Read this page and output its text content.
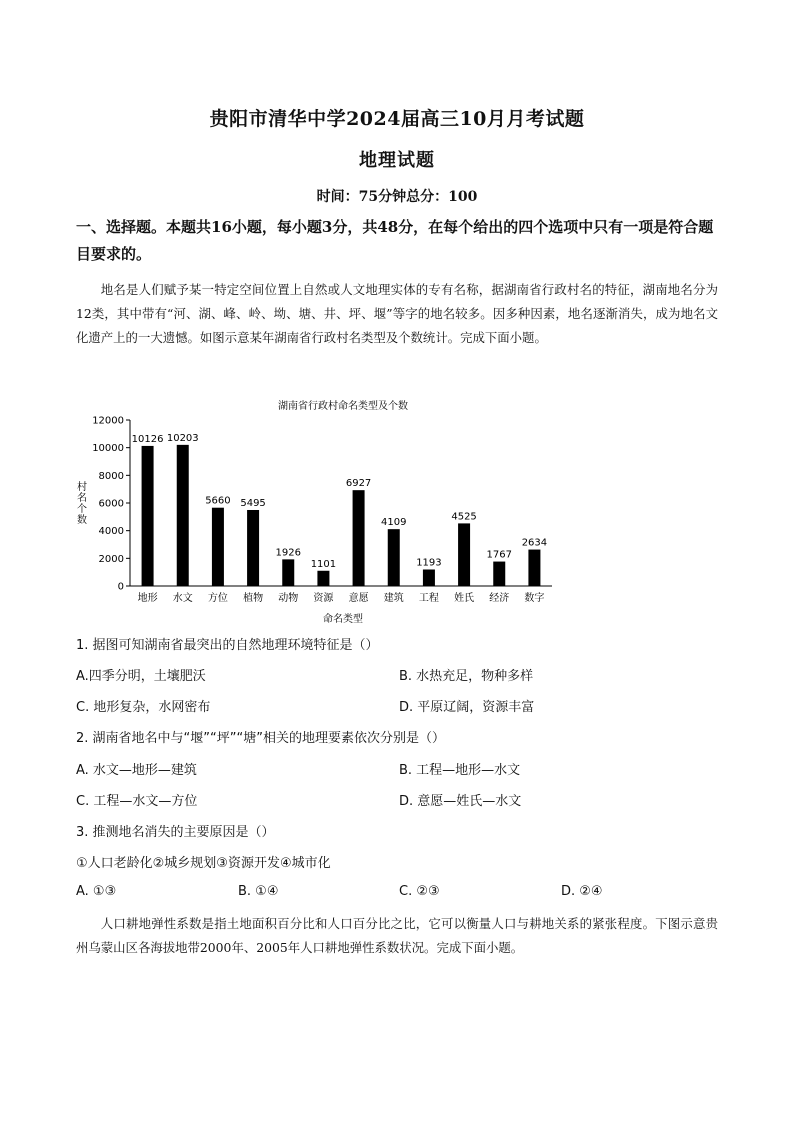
贵阳市清华中学2024届高三10月月考试题
地理试题
时间：75分钟总分：100
一、选择题。本题共16小题，每小题3分，共48分，在每个给出的四个选项中只有一项是符合题目要求的。
地名是人们赋予某一特定空间位置上自然或人文地理实体的专有名称，据湖南省行政村名的特征，湖南地名分为12类，其中带有“河、湖、峰、岭、坳、塘、井、坪、堰”等字的地名较多。因多种因素，地名逐渐消失，成为地名文化遗产上的一大遗憾。如图示意某年湖南省行政村名类型及个数统计。完成下面小题。
湖南省行政村命名类型及个数
村
名
个
数
命名类型
0
2000
4000
6000
8000
10000
12000
10126 10203
5660 5495
1926
1101
6927
4109
1193
4525
1767
2634
地形 水文 方位 植物 动物 资源 意愿 建筑 工程 姓氏 经济 数字
1. 据图可知湖南省最突出的自然地理环境特征是（）
A.四季分明，土壤肥沃	B. 水热充足，物种多样
C. 地形复杂，水网密布	D. 平原辽阔，资源丰富
2. 湖南省地名中与“堰”“坪”“塘”相关的地理要素依次分别是（）
A. 水文—地形—建筑	B. 工程—地形—水文
C. 工程—水文—方位	D. 意愿—姓氏—水文
3. 推测地名消失的主要原因是（）
①人口老龄化②城乡规划③资源开发④城市化
A. ①③	B. ①④	C. ②③	D. ②④
人口耕地弹性系数是指土地面积百分比和人口百分比之比，它可以衡量人口与耕地关系的紧张程度。下图示意贵州乌蒙山区各海拔地带2000年、2005年人口耕地弹性系数状况。完成下面小题。
